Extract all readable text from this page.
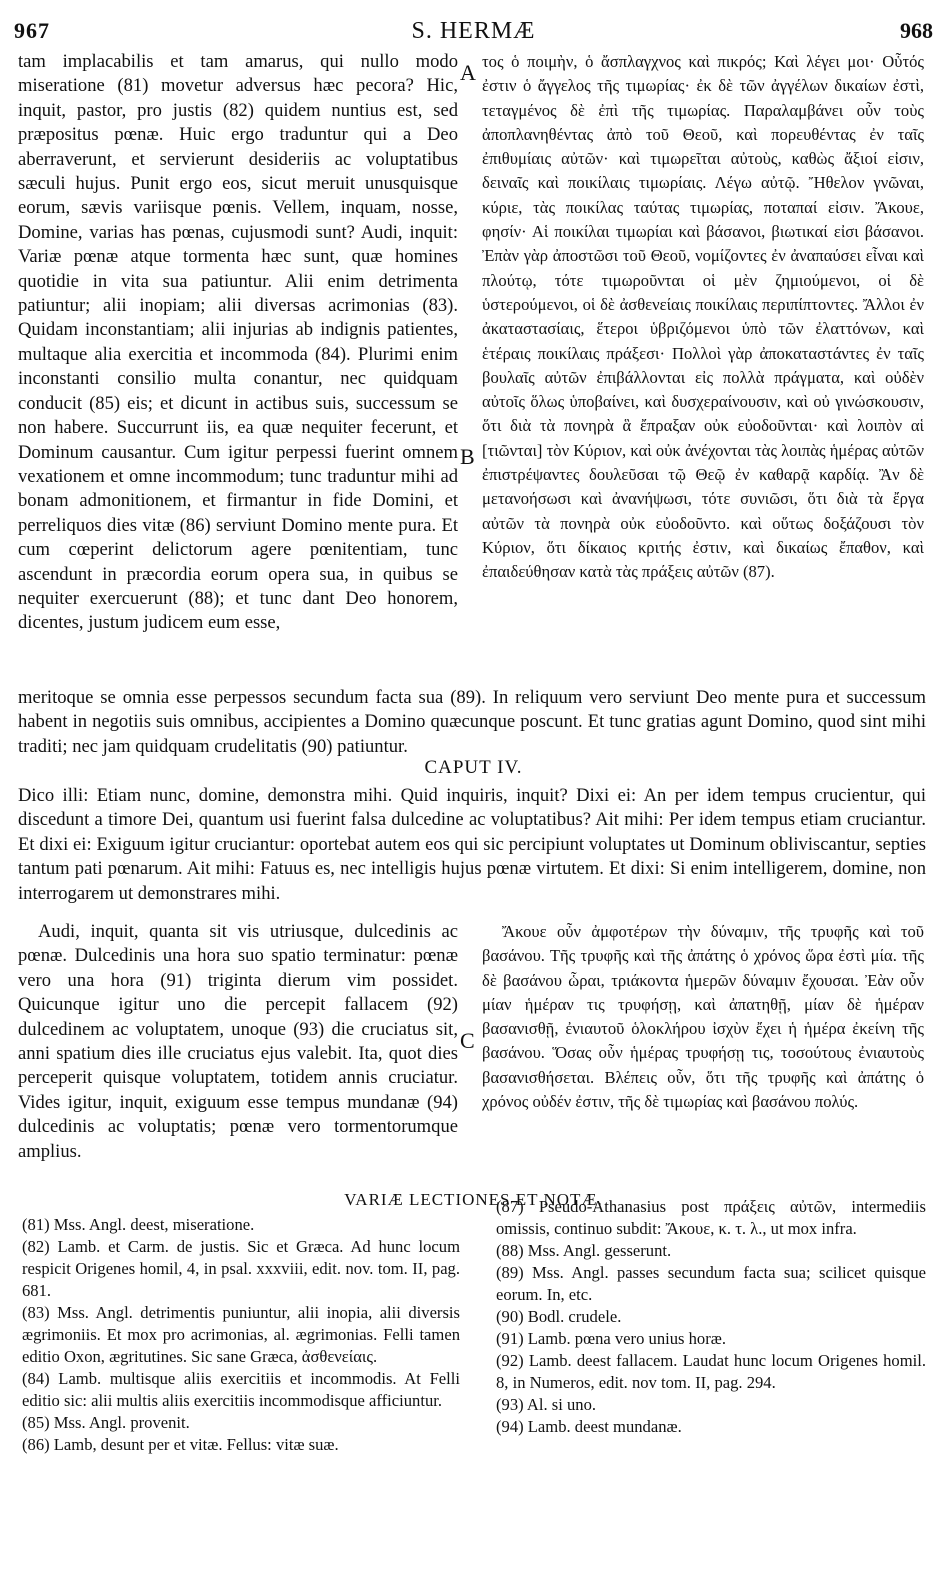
967	S. HERMÆ	968

tam implacabilis et tam amarus, qui nullo modo miseratione (81) movetur adversus hæc pecora? Hic, inquit, pastor, pro justis (82) quidem nuntius est, sed præpositus pœnæ. Huic ergo traduntur qui a Deo aberraverunt, et servierunt desideriis ac voluptatibus sæculi hujus. Punit ergo eos, sicut meruit unusquisque eorum, sævis variisque pœnis. Vellem, inquam, nosse, Domine, varias has pœnas, cujusmodi sunt? Audi, inquit: Variæ pœnæ atque tormenta hæc sunt, quæ homines quotidie in vita sua patiuntur. Alii enim detrimenta patiuntur; alii inopiam; alii diversas acrimonias (83). Quidam inconstantiam; alii injurias ab indignis patientes, multaque alia exercitia et incommoda (84). Plurimi enim inconstanti consilio multa conantur, nec quidquam conducit (85) eis; et dicunt in actibus suis, successum se non habere. Succurrunt iis, ea quæ nequiter fecerunt, et Dominum causantur. Cum igitur perpessi fuerint omnem vexationem et omne incommodum; tunc traduntur mihi ad bonam admonitionem, et firmantur in fide Domini, et perreliquos dies vitæ (86) serviunt Domino mente pura. Et cum cœperint delictorum agere pœnitentiam, tunc ascendunt in præcordia eorum opera sua, in quibus se nequiter exercuerunt (88); et tunc dant Deo honorem, dicentes, justum judicem eum esse,

A
B
C

τος ὁ ποιμὴν, ὁ ἄσπλαγχνος καὶ πικρός; Καὶ λέγει μοι· Οὗτός ἐστιν ὁ ἄγγελος τῆς τιμωρίας· ἐκ δὲ τῶν ἀγγέλων δικαίων ἐστὶ, τεταγμένος δὲ ἐπὶ τῆς τιμωρίας. Παραλαμβάνει οὖν τοὺς ἀποπλανηθέντας ἀπὸ τοῦ Θεοῦ, καὶ πορευθέντας ἐν ταῖς ἐπιθυμίαις αὐτῶν· καὶ τιμωρεῖται αὐτοὺς, καθὼς ἄξιοί εἰσιν, δειναῖς καὶ ποικίλαις τιμωρίαις. Λέγω αὐτῷ. Ἤθελον γνῶναι, κύριε, τὰς ποικίλας ταύτας τιμωρίας, ποταπαί εἰσιν. Ἄκουε, φησίν· Αἱ ποικίλαι τιμωρίαι καὶ βάσανοι, βιωτικαί εἰσι βάσανοι. Ἐπὰν γὰρ ἀποστῶσι τοῦ Θεοῦ, νομίζοντες ἐν ἀναπαύσει εἶναι καὶ πλούτῳ, τότε τιμωροῦνται οἱ μὲν ζημιούμενοι, οἱ δὲ ὑστερούμενοι, οἱ δὲ ἀσθενείαις ποικίλαις περιπίπτοντες. Ἄλλοι ἐν ἀκαταστασίαις, ἕτεροι ὑβριζόμενοι ὑπὸ τῶν ἐλαττόνων, καὶ ἑτέραις ποικίλαις πράξεσι· Πολλοὶ γὰρ ἀποκαταστάντες ἐν ταῖς βουλαῖς αὐτῶν ἐπιβάλλονται εἰς πολλὰ πράγματα, καὶ οὐδὲν αὐτοῖς ὅλως ὑποβαίνει, καὶ δυσχεραίνουσιν, καὶ οὐ γινώσκουσιν, ὅτι διὰ τὰ πονηρὰ ἃ ἔπραξαν οὐκ εὐοδοῦνται· καὶ λοιπὸν αἱ [τιῶνται] τὸν Κύριον, καὶ οὐκ ἀνέχονται τὰς λοιπὰς ἡμέρας αὐτῶν ἐπιστρέψαντες δουλεῦσαι τῷ Θεῷ ἐν καθαρᾷ καρδίᾳ. Ἂν δὲ μετανοήσωσι καὶ ἀνανήψωσι, τότε συνιῶσι, ὅτι διὰ τὰ ἔργα αὐτῶν τὰ πονηρὰ οὐκ εὐοδοῦντο. καὶ οὕτως δοξάζουσι τὸν Κύριον, ὅτι δίκαιος κριτής ἐστιν, καὶ δικαίως ἔπαθον, καὶ ἐπαιδεύθησαν κατὰ τὰς πράξεις αὐτῶν (87).

meritoque se omnia esse perpessos secundum facta sua (89). In reliquum vero serviunt Deo mente pura et successum habent in negotiis suis omnibus, accipientes a Domino quæcunque poscunt. Et tunc gratias agunt Domino, quod sint mihi traditi; nec jam quidquam crudelitatis (90) patiuntur.

CAPUT IV.

Dico illi: Etiam nunc, domine, demonstra mihi. Quid inquiris, inquit? Dixi ei: An per idem tempus crucientur, qui discedunt a timore Dei, quantum usi fuerint falsa dulcedine ac voluptatibus? Ait mihi: Per idem tempus etiam cruciantur. Et dixi ei: Exiguum igitur cruciantur: oportebat autem eos qui sic percipiunt voluptates ut Dominum obliviscantur, septies tantum pati pœnarum. Ait mihi: Fatuus es, nec intelligis hujus pœnæ virtutem. Et dixi: Si enim intelligerem, domine, non interrogarem ut demonstrares mihi.

Audi, inquit, quanta sit vis utriusque, dulcedinis ac pœnæ. Dulcedinis una hora suo spatio terminatur: pœnæ vero una hora (91) triginta dierum vim possidet. Quicunque igitur uno die percepit fallacem (92) dulcedinem ac voluptatem, unoque (93) die cruciatus sit, anni spatium dies ille cruciatus ejus valebit. Ita, quot dies perceperit quisque voluptatem, totidem annis cruciatur. Vides igitur, inquit, exiguum esse tempus mundanæ (94) dulcedinis ac voluptatis; pœnæ vero tormentorumque amplius.

Ἄκουε οὖν ἀμφοτέρων τὴν δύναμιν, τῆς τρυφῆς καὶ τοῦ βασάνου. Τῆς τρυφῆς καὶ τῆς ἀπάτης ὁ χρόνος ὥρα ἐστὶ μία. τῆς δὲ βασάνου ὧραι, τριάκοντα ἡμερῶν δύναμιν ἔχουσαι. Ἐὰν οὖν μίαν ἡμέραν τις τρυφήσῃ, καὶ ἀπατηθῇ, μίαν δὲ ἡμέραν βασανισθῇ, ἐνιαυτοῦ ὁλοκλήρου ἰσχὺν ἔχει ἡ ἡμέρα ἐκείνη τῆς βασάνου. Ὅσας οὖν ἡμέρας τρυφήσῃ τις, τοσούτους ἐνιαυτοὺς βασανισθήσεται. Βλέπεις οὖν, ὅτι τῆς τρυφῆς καὶ ἀπάτης ὁ χρόνος οὐδέν ἐστιν, τῆς δὲ τιμωρίας καὶ βασάνου πολύς.

VARIÆ LECTIONES ET NOTÆ.

(81) Mss. Angl. deest, miseratione.

(82) Lamb. et Carm. de justis. Sic et Græca. Ad hunc locum respicit Origenes homil, 4, in psal. xxxviii, edit. nov. tom. II, pag. 681.

(83) Mss. Angl. detrimentis puniuntur, alii inopia, alii diversis ægrimoniis. Et mox pro acrimonias, al. ægrimonias. Felli tamen editio Oxon, ægritutines. Sic sane Græca, ἀσθενείαις.

(84) Lamb. multisque aliis exercitiis et incommodis. At Felli editio sic: alii multis aliis exercitiis incommodisque afficiuntur.

(85) Mss. Angl. provenit.

(86) Lamb, desunt per et vitæ. Fellus: vitæ suæ.

(87) Pseudo-Athanasius post πράξεις αὐτῶν, intermediis omissis, continuo subdit: Ἄκουε, κ. τ. λ., ut mox infra.

(88) Mss. Angl. gesserunt.

(89) Mss. Angl. passes secundum facta sua; scilicet quisque eorum. In, etc.

(90) Bodl. crudele.

(91) Lamb. pœna vero unius horæ.

(92) Lamb. deest fallacem. Laudat hunc locum Origenes homil. 8, in Numeros, edit. nov tom. II, pag. 294.

(93) Al. si uno.

(94) Lamb. deest mundanæ.
